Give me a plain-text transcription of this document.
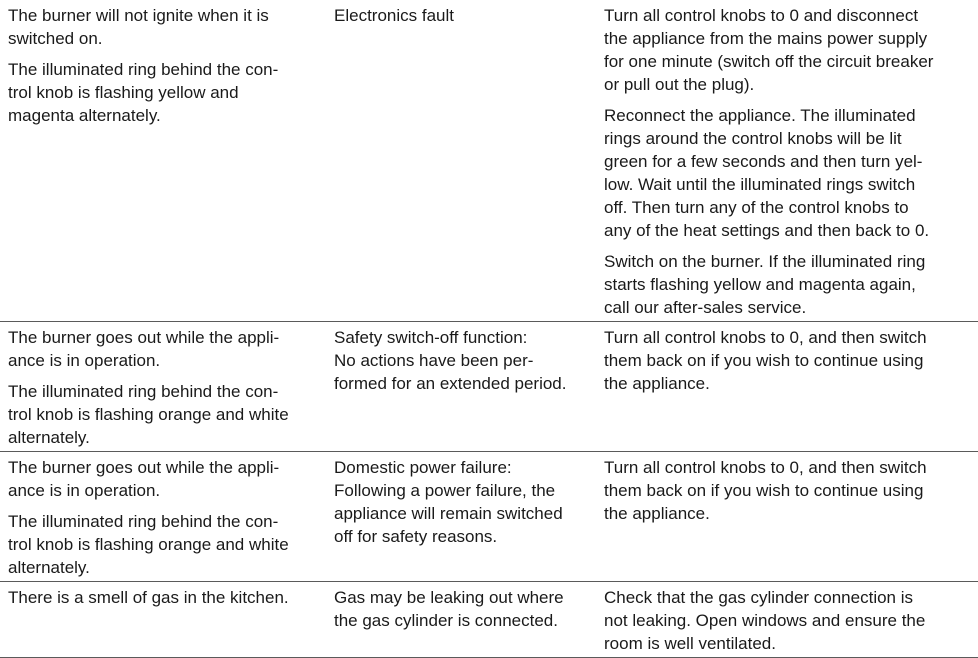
The burner will not ignite when it is
switched on.

The illuminated ring behind the con-
trol knob is flashing yellow and
magenta alternately.

Electronics fault	Turn all control knobs to 0 and disconnect
the appliance from the mains power supply
for one minute (switch off the circuit breaker
or pull out the plug).

Reconnect the appliance. The illuminated
rings around the control knobs will be lit
green for a few seconds and then turn yel-
low. Wait until the illuminated rings switch
off. Then turn any of the control knobs to
any of the heat settings and then back to 0.

Switch on the burner. If the illuminated ring
starts flashing yellow and magenta again,
call our after-sales service.

The burner goes out while the appli-
ance is in operation.

The illuminated ring behind the con-
trol knob is flashing orange and white
alternately.

Safety switch-off function:
No actions have been per-
formed for an extended period.

Turn all control knobs to 0, and then switch
them back on if you wish to continue using
the appliance.

The burner goes out while the appli-
ance is in operation.

The illuminated ring behind the con-
trol knob is flashing orange and white
alternately.

Domestic power failure:
Following a power failure, the
appliance will remain switched
off for safety reasons.

Turn all control knobs to 0, and then switch
them back on if you wish to continue using
the appliance.

There is a smell of gas in the kitchen.	Gas may be leaking out where
the gas cylinder is connected.

Check that the gas cylinder connection is
not leaking. Open windows and ensure the
room is well ventilated.
